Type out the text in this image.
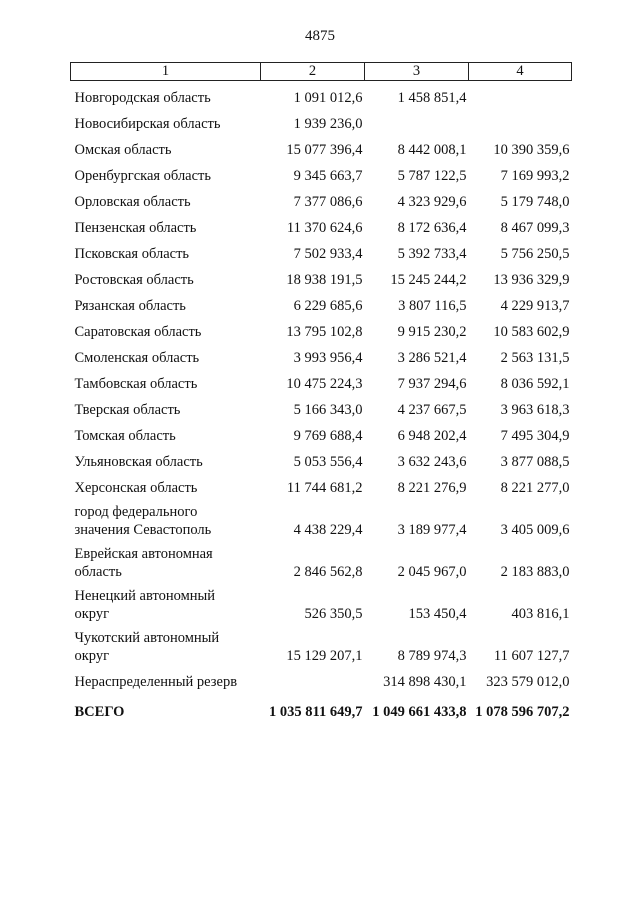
4875
1	2	3	4
Новгородская область	1 091 012,6	1 458 851,4	
Новосибирская область	1 939 236,0		
Омская область	15 077 396,4	8 442 008,1	10 390 359,6
Оренбургская область	9 345 663,7	5 787 122,5	7 169 993,2
Орловская область	7 377 086,6	4 323 929,6	5 179 748,0
Пензенская область	11 370 624,6	8 172 636,4	8 467 099,3
Псковская область	7 502 933,4	5 392 733,4	5 756 250,5
Ростовская область	18 938 191,5	15 245 244,2	13 936 329,9
Рязанская область	6 229 685,6	3 807 116,5	4 229 913,7
Саратовская область	13 795 102,8	9 915 230,2	10 583 602,9
Смоленская область	3 993 956,4	3 286 521,4	2 563 131,5
Тамбовская область	10 475 224,3	7 937 294,6	8 036 592,1
Тверская область	5 166 343,0	4 237 667,5	3 963 618,3
Томская область	9 769 688,4	6 948 202,4	7 495 304,9
Ульяновская область	5 053 556,4	3 632 243,6	3 877 088,5
Херсонская область	11 744 681,2	8 221 276,9	8 221 277,0
город федерального
значения Севастополь	4 438 229,4	3 189 977,4	3 405 009,6
Еврейская автономная
область	2 846 562,8	2 045 967,0	2 183 883,0
Ненецкий автономный
округ	526 350,5	153 450,4	403 816,1
Чукотский автономный
округ	15 129 207,1	8 789 974,3	11 607 127,7
Нераспределенный резерв		314 898 430,1	323 579 012,0
ВСЕГО	1 035 811 649,7	1 049 661 433,8	1 078 596 707,2
